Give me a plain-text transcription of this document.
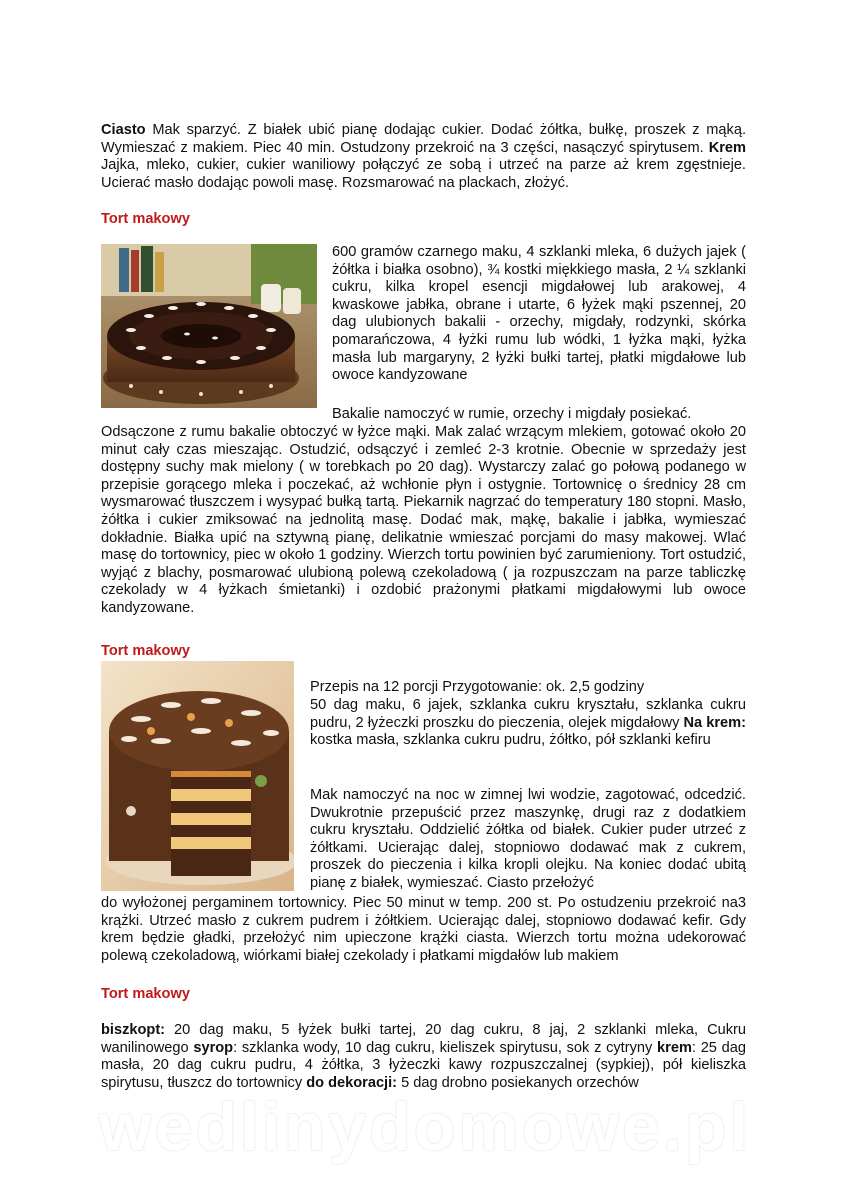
Ciasto Mak sparzyć. Z białek ubić pianę dodając cukier. Dodać żółtka, bułkę, proszek z mąką. Wymieszać z makiem. Piec 40 min. Ostudzony przekroić na 3 części, nasączyć spirytusem. Krem Jajka, mleko, cukier, cukier waniliowy połączyć ze sobą i utrzeć na parze aż krem zgęstnieje. Ucierać masło dodając powoli masę. Rozsmarować na plackach, złożyć.
Tort makowy
600 gramów czarnego maku, 4 szklanki mleka, 6 dużych jajek ( żółtka i białka osobno), ¾ kostki miękkiego masła, 2 ¼ szklanki cukru, kilka kropel esencji migdałowej lub arakowej, 4 kwaskowe jabłka, obrane i utarte, 6 łyżek mąki pszennej, 20 dag ulubionych bakalii - orzechy, migdały, rodzynki, skórka pomarańczowa, 4 łyżki rumu lub wódki, 1 łyżka mąki, łyżka masła lub margaryny, 2 łyżki bułki tartej, płatki migdałowe lub owoce kandyzowane
Bakalie namoczyć w rumie, orzechy i migdały posiekać.
Odsączone z rumu bakalie obtoczyć w łyżce mąki. Mak zalać wrzącym mlekiem, gotować około 20 minut cały czas mieszając. Ostudzić, odsączyć i zemleć 2-3 krotnie. Obecnie w sprzedaży jest dostępny suchy mak mielony ( w torebkach po 20 dag). Wystarczy zalać go połową podanego w przepisie gorącego mleka i poczekać, aż wchłonie płyn i ostygnie. Tortownicę o średnicy 28 cm wysmarować tłuszczem i wysypać bułką tartą. Piekarnik nagrzać do temperatury 180 stopni. Masło, żółtka i cukier zmiksować na jednolitą masę. Dodać mak, mąkę, bakalie i jabłka, wymieszać dokładnie. Białka upić na sztywną pianę, delikatnie wmieszać porcjami do masy makowej. Wlać masę do tortownicy, piec w około 1 godziny. Wierzch tortu powinien być zarumieniony. Tort ostudzić, wyjąć z blachy, posmarować ulubioną polewą czekoladową ( ja rozpuszczam na parze tabliczkę czekolady w 4 łyżkach śmietanki) i ozdobić prażonymi płatkami migdałowymi lub owoce kandyzowane.
Tort makowy
Przepis na 12 porcji Przygotowanie: ok. 2,5 godziny
50 dag maku, 6 jajek, szklanka cukru kryształu, szklanka cukru pudru, 2 łyżeczki proszku do pieczenia, olejek migdałowy Na krem: kostka masła, szklanka cukru pudru, żółtko, pół szklanki kefiru
Mak namoczyć na noc w zimnej lwi wodzie, zagotować, odcedzić. Dwukrotnie przepuścić przez maszynkę, drugi raz z dodatkiem cukru kryształu. Oddzielić żółtka od białek. Cukier puder utrzeć z żółtkami. Ucierając dalej, stopniowo dodawać mak z cukrem, proszek do pieczenia i kilka kropli olejku. Na koniec dodać ubitą pianę z białek, wymieszać. Ciasto przełożyć
do wyłożonej pergaminem tortownicy. Piec 50 minut w temp. 200 st. Po ostudzeniu przekroić na3 krążki. Utrzeć masło z cukrem pudrem i żółtkiem. Ucierając dalej, stopniowo dodawać kefir. Gdy krem będzie gładki, przełożyć nim upieczone krążki ciasta. Wierzch tortu można udekorować polewą czekoladową, wiórkami białej czekolady i płatkami migdałów lub makiem
Tort makowy
biszkopt: 20 dag maku, 5 łyżek bułki tartej, 20 dag cukru, 8 jaj, 2 szklanki mleka, Cukru wanilinowego syrop: szklanka wody, 10 dag cukru, kieliszek spirytusu, sok z cytryny krem: 25 dag masła, 20 dag cukru pudru, 4 żółtka, 3 łyżeczki kawy rozpuszczalnej (sypkiej), pół kieliszka spirytusu, tłuszcz do tortownicy do dekoracji: 5 dag drobno posiekanych orzechów
wedlinydomowe.pl
